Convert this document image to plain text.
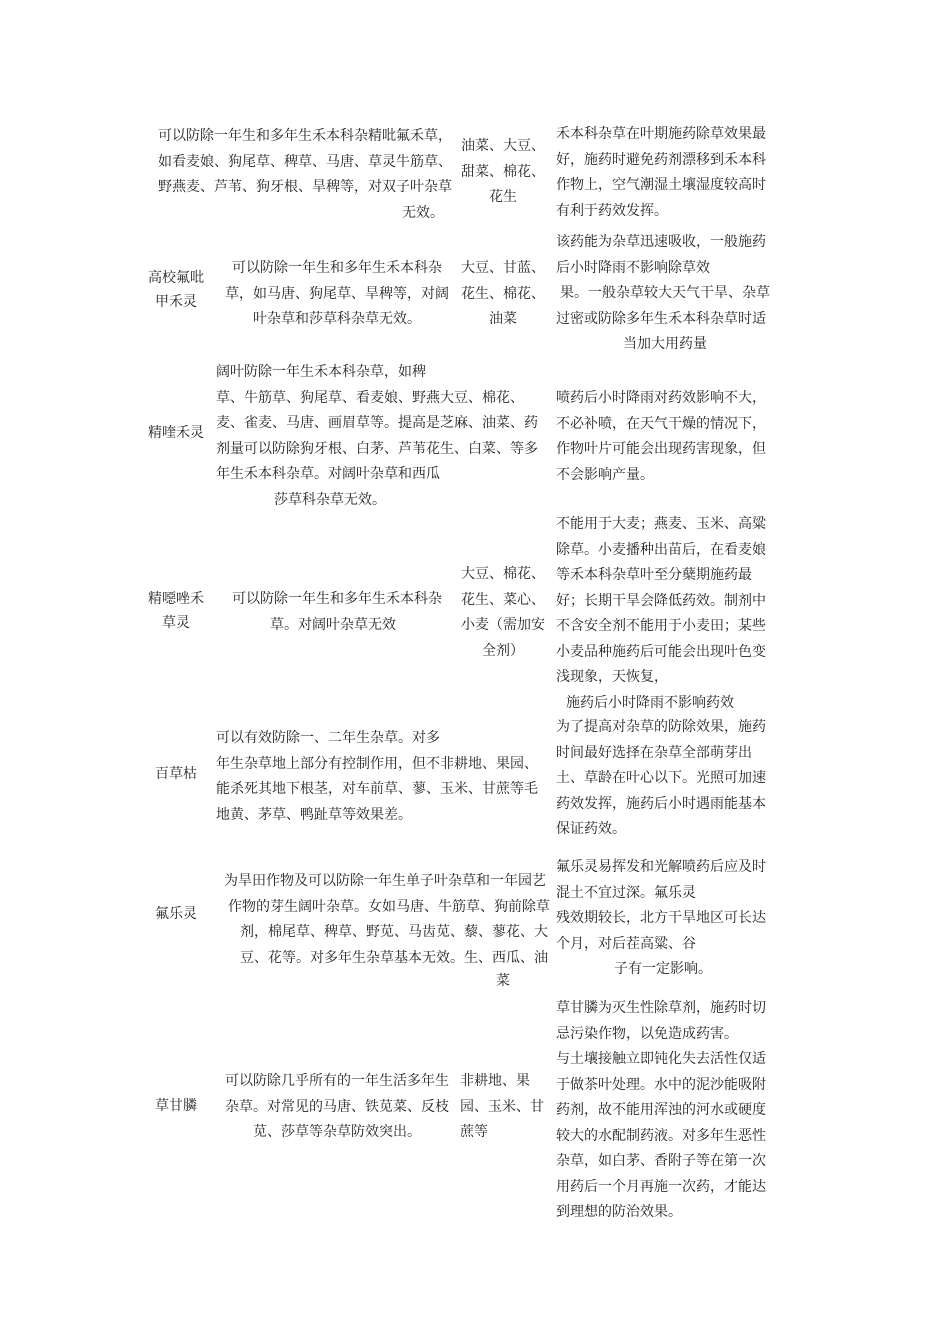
可以防除一年生和多年生禾本科杂精吡氟禾草，
如看麦娘、狗尾草、稗草、马唐、草灵牛筋草、
野燕麦、芦苇、狗牙根、旱稗等，对双子叶杂草
无效。
油菜、大豆、
甜菜、棉花、
花生
禾本科杂草在叶期施药除草效果最
好，施药时避免药剂漂移到禾本科
作物上，空气潮湿土壤湿度较高时
有利于药效发挥。
高校氟吡
甲禾灵
可以防除一年生和多年生禾本科杂
草，如马唐、狗尾草、旱稗等，对阔
叶杂草和莎草科杂草无效。
大豆、甘蓝、
花生、棉花、
油菜
该药能为杂草迅速吸收，一般施药
后小时降雨不影响除草效
果。一般杂草较大天气干旱、杂草
过密或防除多年生禾本科杂草时适
当加大用药量
精喹禾灵
阔叶防除一年生禾本科杂草，如稗
草、牛筋草、狗尾草、看麦娘、野燕大豆、棉花、
麦、雀麦、马唐、画眉草等。提高是芝麻、油菜、药
剂量可以防除狗牙根、白茅、芦苇花生、白菜、等多
年生禾本科杂草。对阔叶杂草和西瓜
莎草科杂草无效。
喷药后小时降雨对药效影响不大，
不必补喷，在天气干燥的情况下，
作物叶片可能会出现药害现象，但
不会影响产量。
精噁唑禾
草灵
可以防除一年生和多年生禾本科杂
草。对阔叶杂草无效
大豆、棉花、
花生、菜心、
小麦（需加安
全剂）
不能用于大麦；燕麦、玉米、高粱
除草。小麦播种出苗后，在看麦娘
等禾本科杂草叶至分蘖期施药最
好；长期干旱会降低药效。制剂中
不含安全剂不能用于小麦田；某些
小麦品种施药后可能会出现叶色变
浅现象，天恢复，
施药后小时降雨不影响药效
百草枯
可以有效防除一、二年生杂草。对多
年生杂草地上部分有控制作用，但不非耕地、果园、
能杀死其地下根茎，对车前草、蓼、玉米、甘蔗等毛
地黄、茅草、鸭趾草等效果差。
为了提高对杂草的防除效果，施药
时间最好选择在杂草全部萌芽出
土、草龄在叶心以下。光照可加速
药效发挥，施药后小时遇雨能基本
保证药效。
氟乐灵
为旱田作物及可以防除一年生单子叶杂草和一年园艺
作物的芽生阔叶杂草。女如马唐、牛筋草、狗前除草
剂，棉尾草、稗草、野苋、马齿苋、藜、蓼花、大
豆、花等。对多年生杂草基本无效。生、西瓜、油
菜
氟乐灵易挥发和光解喷药后应及时
混土不宜过深。氟乐灵
残效期较长，北方干旱地区可长达
个月，对后茬高粱、谷
子有一定影响。
草甘膦
可以防除几乎所有的一年生活多年生
杂草。对常见的马唐、铁苋菜、反枝
苋、莎草等杂草防效突出。
非耕地、果
园、玉米、甘
蔗等
草甘膦为灭生性除草剂，施药时切
忌污染作物，以免造成药害。
与土壤接触立即钝化失去活性仅适
于做茶叶处理。水中的泥沙能吸附
药剂，故不能用浑浊的河水或硬度
较大的水配制药液。对多年生恶性
杂草，如白茅、香附子等在第一次
用药后一个月再施一次药，才能达
到理想的防治效果。
